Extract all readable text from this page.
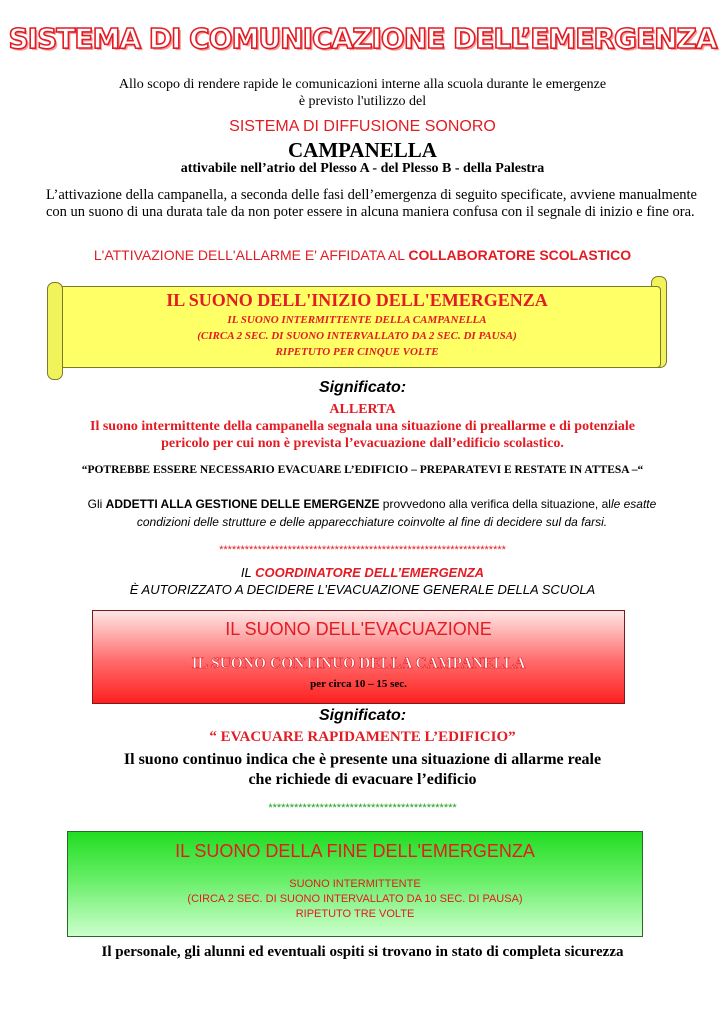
SISTEMA DI COMUNICAZIONE DELL’EMERGENZA
Allo scopo di rendere rapide le comunicazioni interne alla scuola durante le emergenze
è previsto l'utilizzo del
SISTEMA DI DIFFUSIONE SONORO
CAMPANELLA
attivabile nell’atrio del Plesso A - del Plesso B - della Palestra
L’attivazione della campanella, a seconda delle fasi dell’emergenza di seguito specificate, avviene manualmente con un suono di una durata tale da non poter essere in alcuna maniera confusa con il segnale di inizio e fine ora.
L'ATTIVAZIONE DELL'ALLARME E' AFFIDATA AL COLLABORATORE SCOLASTICO
IL SUONO DELL'INIZIO DELL'EMERGENZA
IL SUONO INTERMITTENTE DELLA CAMPANELLA
(CIRCA 2 SEC. DI SUONO INTERVALLATO DA 2 SEC. DI PAUSA)
RIPETUTO PER CINQUE VOLTE
Significato:
ALLERTA
Il suono intermittente della campanella segnala una situazione di preallarme e di potenziale
pericolo per cui non è prevista l’evacuazione dall’edificio scolastico.
“POTREBBE ESSERE NECESSARIO EVACUARE L’EDIFICIO – PREPARATEVI E RESTATE IN ATTESA –“
Gli ADDETTI ALLA GESTIONE DELLE EMERGENZE provvedono alla verifica della situazione, alle esatte
condizioni delle strutture e delle apparecchiature coinvolte al fine di decidere sul da farsi.
*******************************************************************
IL COORDINATORE DELL’EMERGENZA
È AUTORIZZATO A DECIDERE L’EVACUAZIONE GENERALE DELLA SCUOLA
IL SUONO DELL'EVACUAZIONE
IL SUONO CONTINUO DELLA CAMPANELLA
per circa 10 – 15 sec.
Significato:
“ EVACUARE RAPIDAMENTE L’EDIFICIO”
Il suono continuo indica che è presente una situazione di allarme reale
che richiede di evacuare l’edificio
********************************************
IL SUONO DELLA FINE DELL'EMERGENZA
SUONO INTERMITTENTE
(CIRCA 2 SEC. DI SUONO INTERVALLATO DA 10 SEC. DI PAUSA)
RIPETUTO TRE VOLTE
Il personale, gli alunni ed eventuali ospiti si trovano in stato di completa sicurezza
